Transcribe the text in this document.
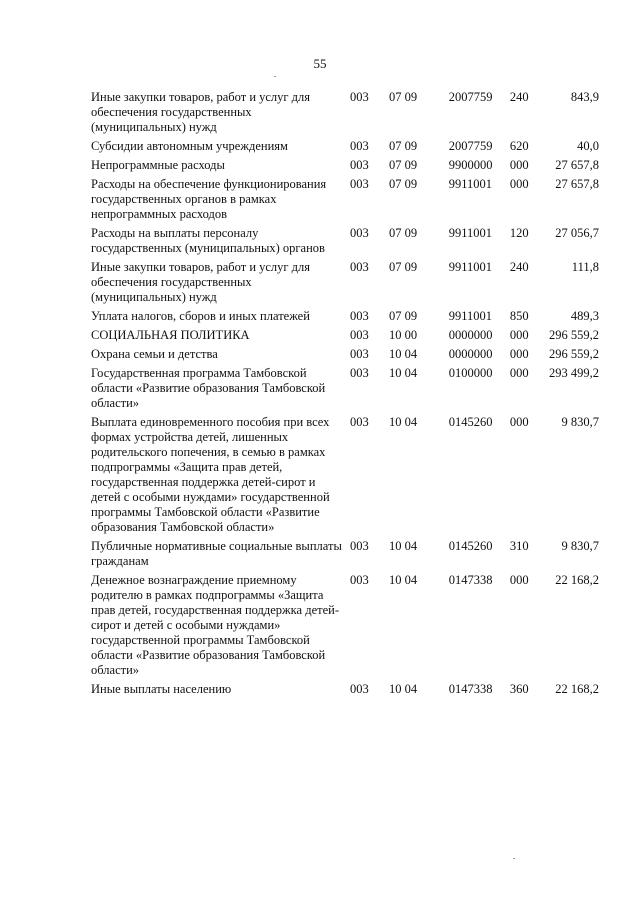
55
Иные закупки товаров, работ и услуг для обеспечения государственных (муниципальных) нужд	003	07 09	2007759	240	843,9
Субсидии автономным учреждениям	003	07 09	2007759	620	40,0
Непрограммные расходы	003	07 09	9900000	000	27 657,8
Расходы на обеспечение функционирования государственных органов в рамках непрограммных расходов	003	07 09	9911001	000	27 657,8
Расходы на выплаты персоналу государственных (муниципальных) органов	003	07 09	9911001	120	27 056,7
Иные закупки товаров, работ и услуг для обеспечения государственных (муниципальных) нужд	003	07 09	9911001	240	111,8
Уплата налогов, сборов и иных платежей	003	07 09	9911001	850	489,3
СОЦИАЛЬНАЯ ПОЛИТИКА	003	10 00	0000000	000	296 559,2
Охрана семьи и детства	003	10 04	0000000	000	296 559,2
Государственная программа Тамбовской области «Развитие образования Тамбовской области»	003	10 04	0100000	000	293 499,2
Выплата единовременного пособия при всех формах устройства детей, лишенных родительского попечения, в семью в рамках подпрограммы «Защита прав детей, государственная поддержка детей-сирот и детей с особыми нуждами» государственной программы Тамбовской области «Развитие образования Тамбовской области»	003	10 04	0145260	000	9 830,7
Публичные нормативные социальные выплаты гражданам	003	10 04	0145260	310	9 830,7
Денежное вознаграждение приемному родителю в рамках подпрограммы «Защита прав детей, государственная поддержка детей-сирот и детей с особыми нуждами» государственной программы Тамбовской области «Развитие образования Тамбовской области»	003	10 04	0147338	000	22 168,2
Иные выплаты населению	003	10 04	0147338	360	22 168,2
